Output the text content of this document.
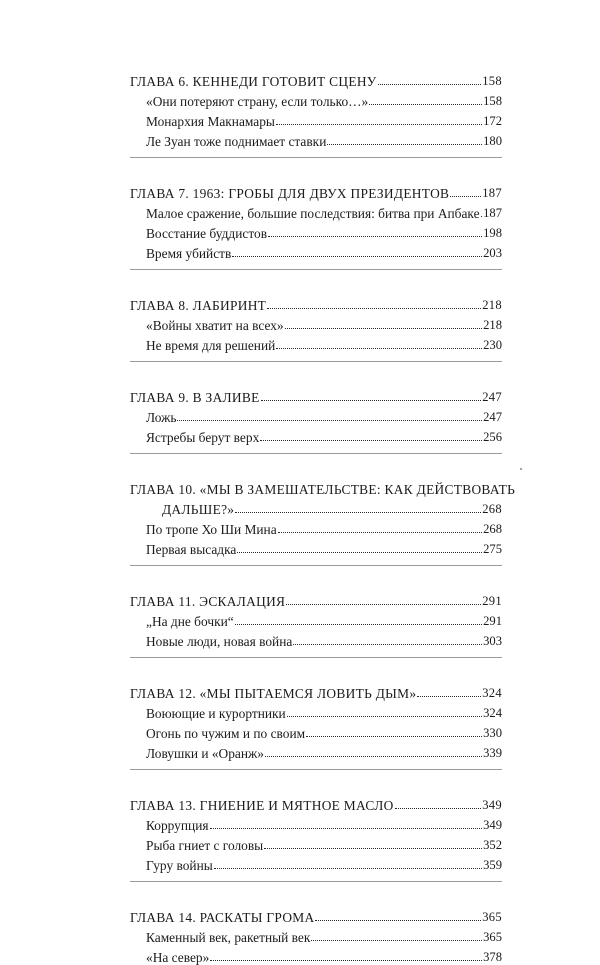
ГЛАВА 6. КЕННЕДИ ГОТОВИТ СЦЕНУ	158
«Они потеряют страну, если только…»	158
Монархия Макнамары	172
Ле Зуан тоже поднимает ставки	180
ГЛАВА 7. 1963: ГРОБЫ ДЛЯ ДВУХ ПРЕЗИДЕНТОВ	187
Малое сражение, большие последствия: битва при Апбаке 187
Восстание буддистов	198
Время убийств	203
ГЛАВА 8. ЛАБИРИНТ	218
«Войны хватит на всех»	218
Не время для решений	230
ГЛАВА 9. В ЗАЛИВЕ	247
Ложь	247
Ястребы берут верх	256
ГЛАВА 10. «МЫ В ЗАМЕШАТЕЛЬСТВЕ: КАК ДЕЙСТВОВАТЬ
ДАЛЬШЕ?»	268
По тропе Хо Ши Мина	268
Первая высадка	275
ГЛАВА 11. ЭСКАЛАЦИЯ	291
„На дне бочки“	291
Новые люди, новая война	303
ГЛАВА 12. «МЫ ПЫТАЕМСЯ ЛОВИТЬ ДЫМ»	324
Воюющие и курортники	324
Огонь по чужим и по своим	330
Ловушки и «Оранж»	339
ГЛАВА 13. ГНИЕНИЕ И МЯТНОЕ МАСЛО	349
Коррупция	349
Рыба гниет с головы	352
Гуру войны	359
ГЛАВА 14. РАСКАТЫ ГРОМА	365
Каменный век, ракетный век	365
«На север»	378
